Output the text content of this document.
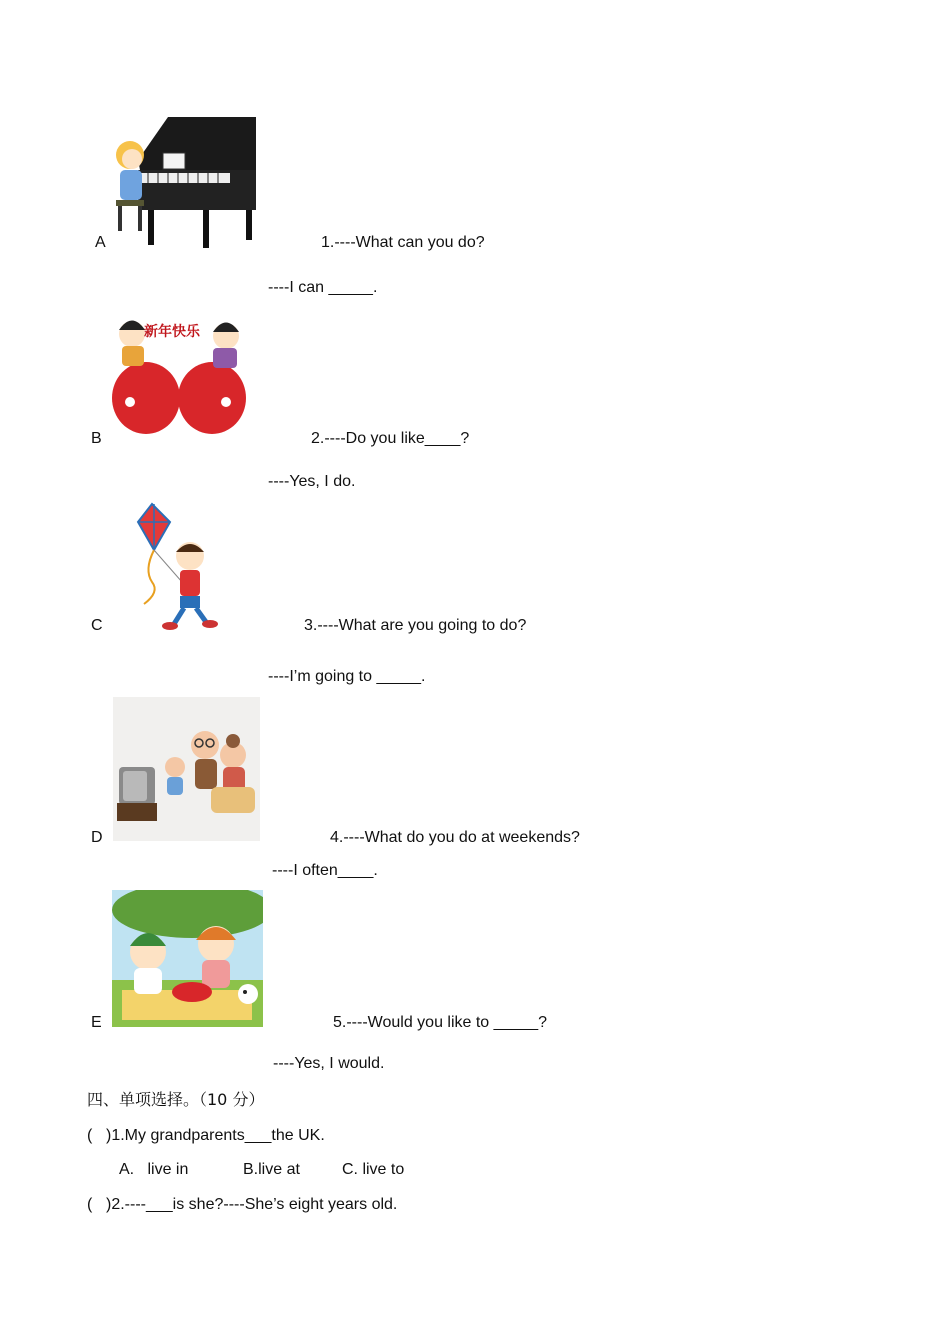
A	1.----What can you do?
----I can _____.
新年快乐
B	2.----Do you like____?
----Yes, I do.
C	3.----What are you going to do?
----I’m going to _____.
D	4.----What do you do at weekends?
----I often____.
E	5.----Would you like to _____?
----Yes, I would.
四、单项选择。（10 分）
( )1.My grandparents___the UK.
A.   live in	B.live at	C. live to
( )2.----___is she?----She’s eight years old.
